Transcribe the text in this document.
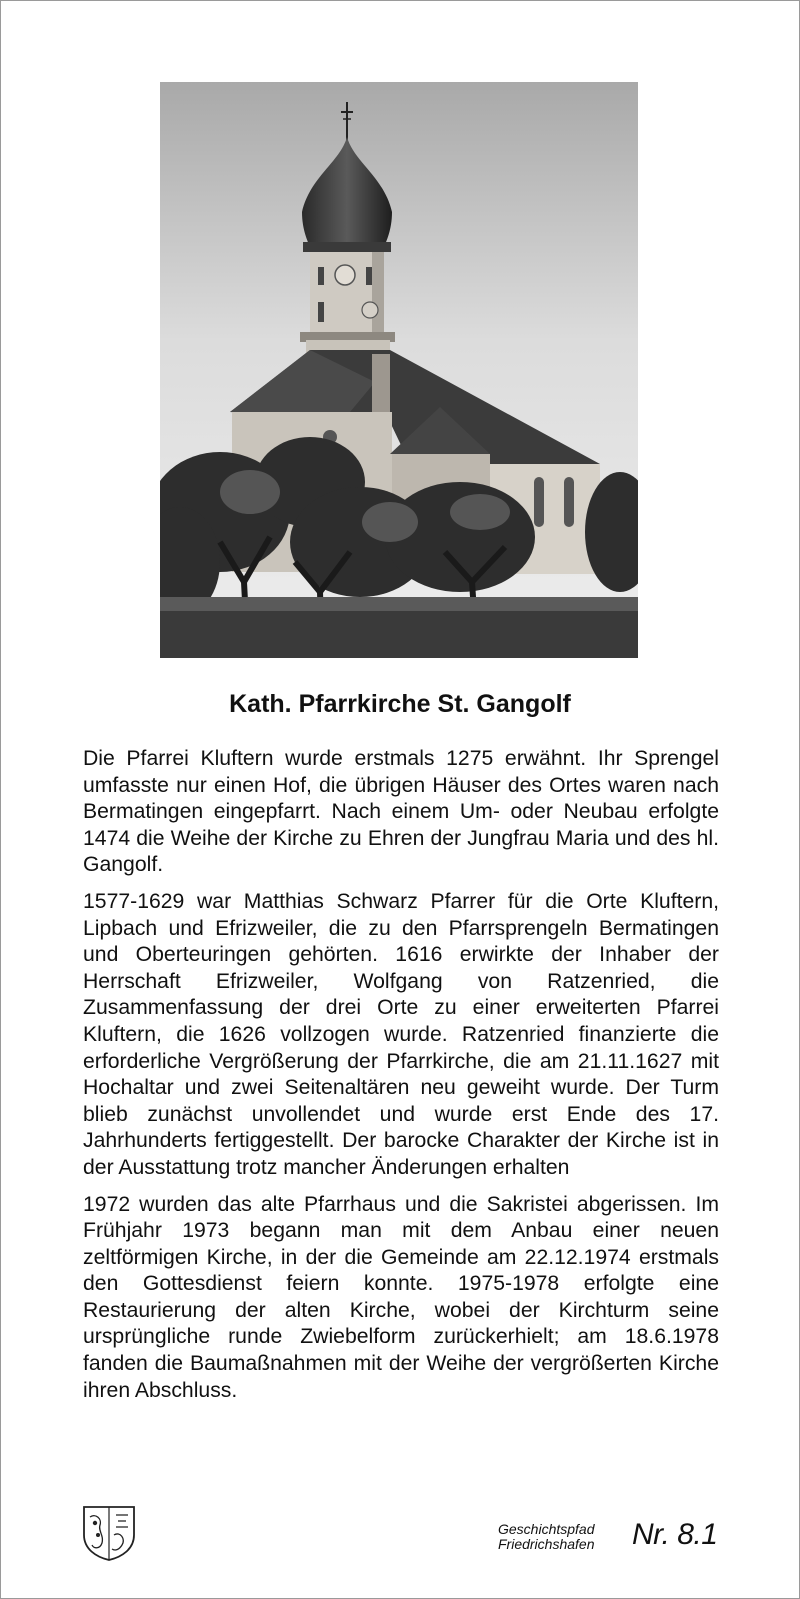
Kath. Pfarrkirche St. Gangolf

Die Pfarrei Kluftern wurde erstmals 1275 erwähnt. Ihr Sprengel umfasste nur einen Hof, die übrigen Häuser des Ortes waren nach Bermatingen eingepfarrt. Nach einem Um- oder Neubau erfolgte 1474 die Weihe der Kirche zu Ehren der Jungfrau Maria und des hl. Gangolf.

1577-1629 war Matthias Schwarz Pfarrer für die Orte Kluftern, Lipbach und Efrizweiler, die zu den Pfarrsprengeln Bermatingen und Oberteuringen gehörten. 1616 erwirkte der Inhaber der Herrschaft Efrizweiler, Wolfgang von Ratzenried, die Zusammenfassung der drei Orte zu einer erweiterten Pfarrei Kluftern, die 1626 vollzogen wurde. Ratzenried finanzierte die erforderliche Vergrößerung der Pfarrkirche, die am 21.11.1627 mit Hochaltar und zwei Seitenaltären neu geweiht wurde. Der Turm blieb zunächst unvollendet und wurde erst Ende des 17. Jahrhunderts fertiggestellt. Der barocke Charakter der Kirche ist in der Ausstattung trotz mancher Änderungen erhalten

1972 wurden das alte Pfarrhaus und die Sakristei abgerissen. Im Frühjahr 1973 begann man mit dem Anbau einer neuen zeltförmigen Kirche, in der die Gemeinde am 22.12.1974 erstmals den Gottesdienst feiern konnte. 1975-1978 erfolgte eine Restaurierung der alten Kirche, wobei der Kirchturm seine ursprüngliche runde Zwiebelform zurückerhielt; am 18.6.1978 fanden die Baumaßnahmen mit der Weihe der vergrößerten Kirche ihren Abschluss.

Geschichtspfad
Friedrichshafen Nr. 8.1
